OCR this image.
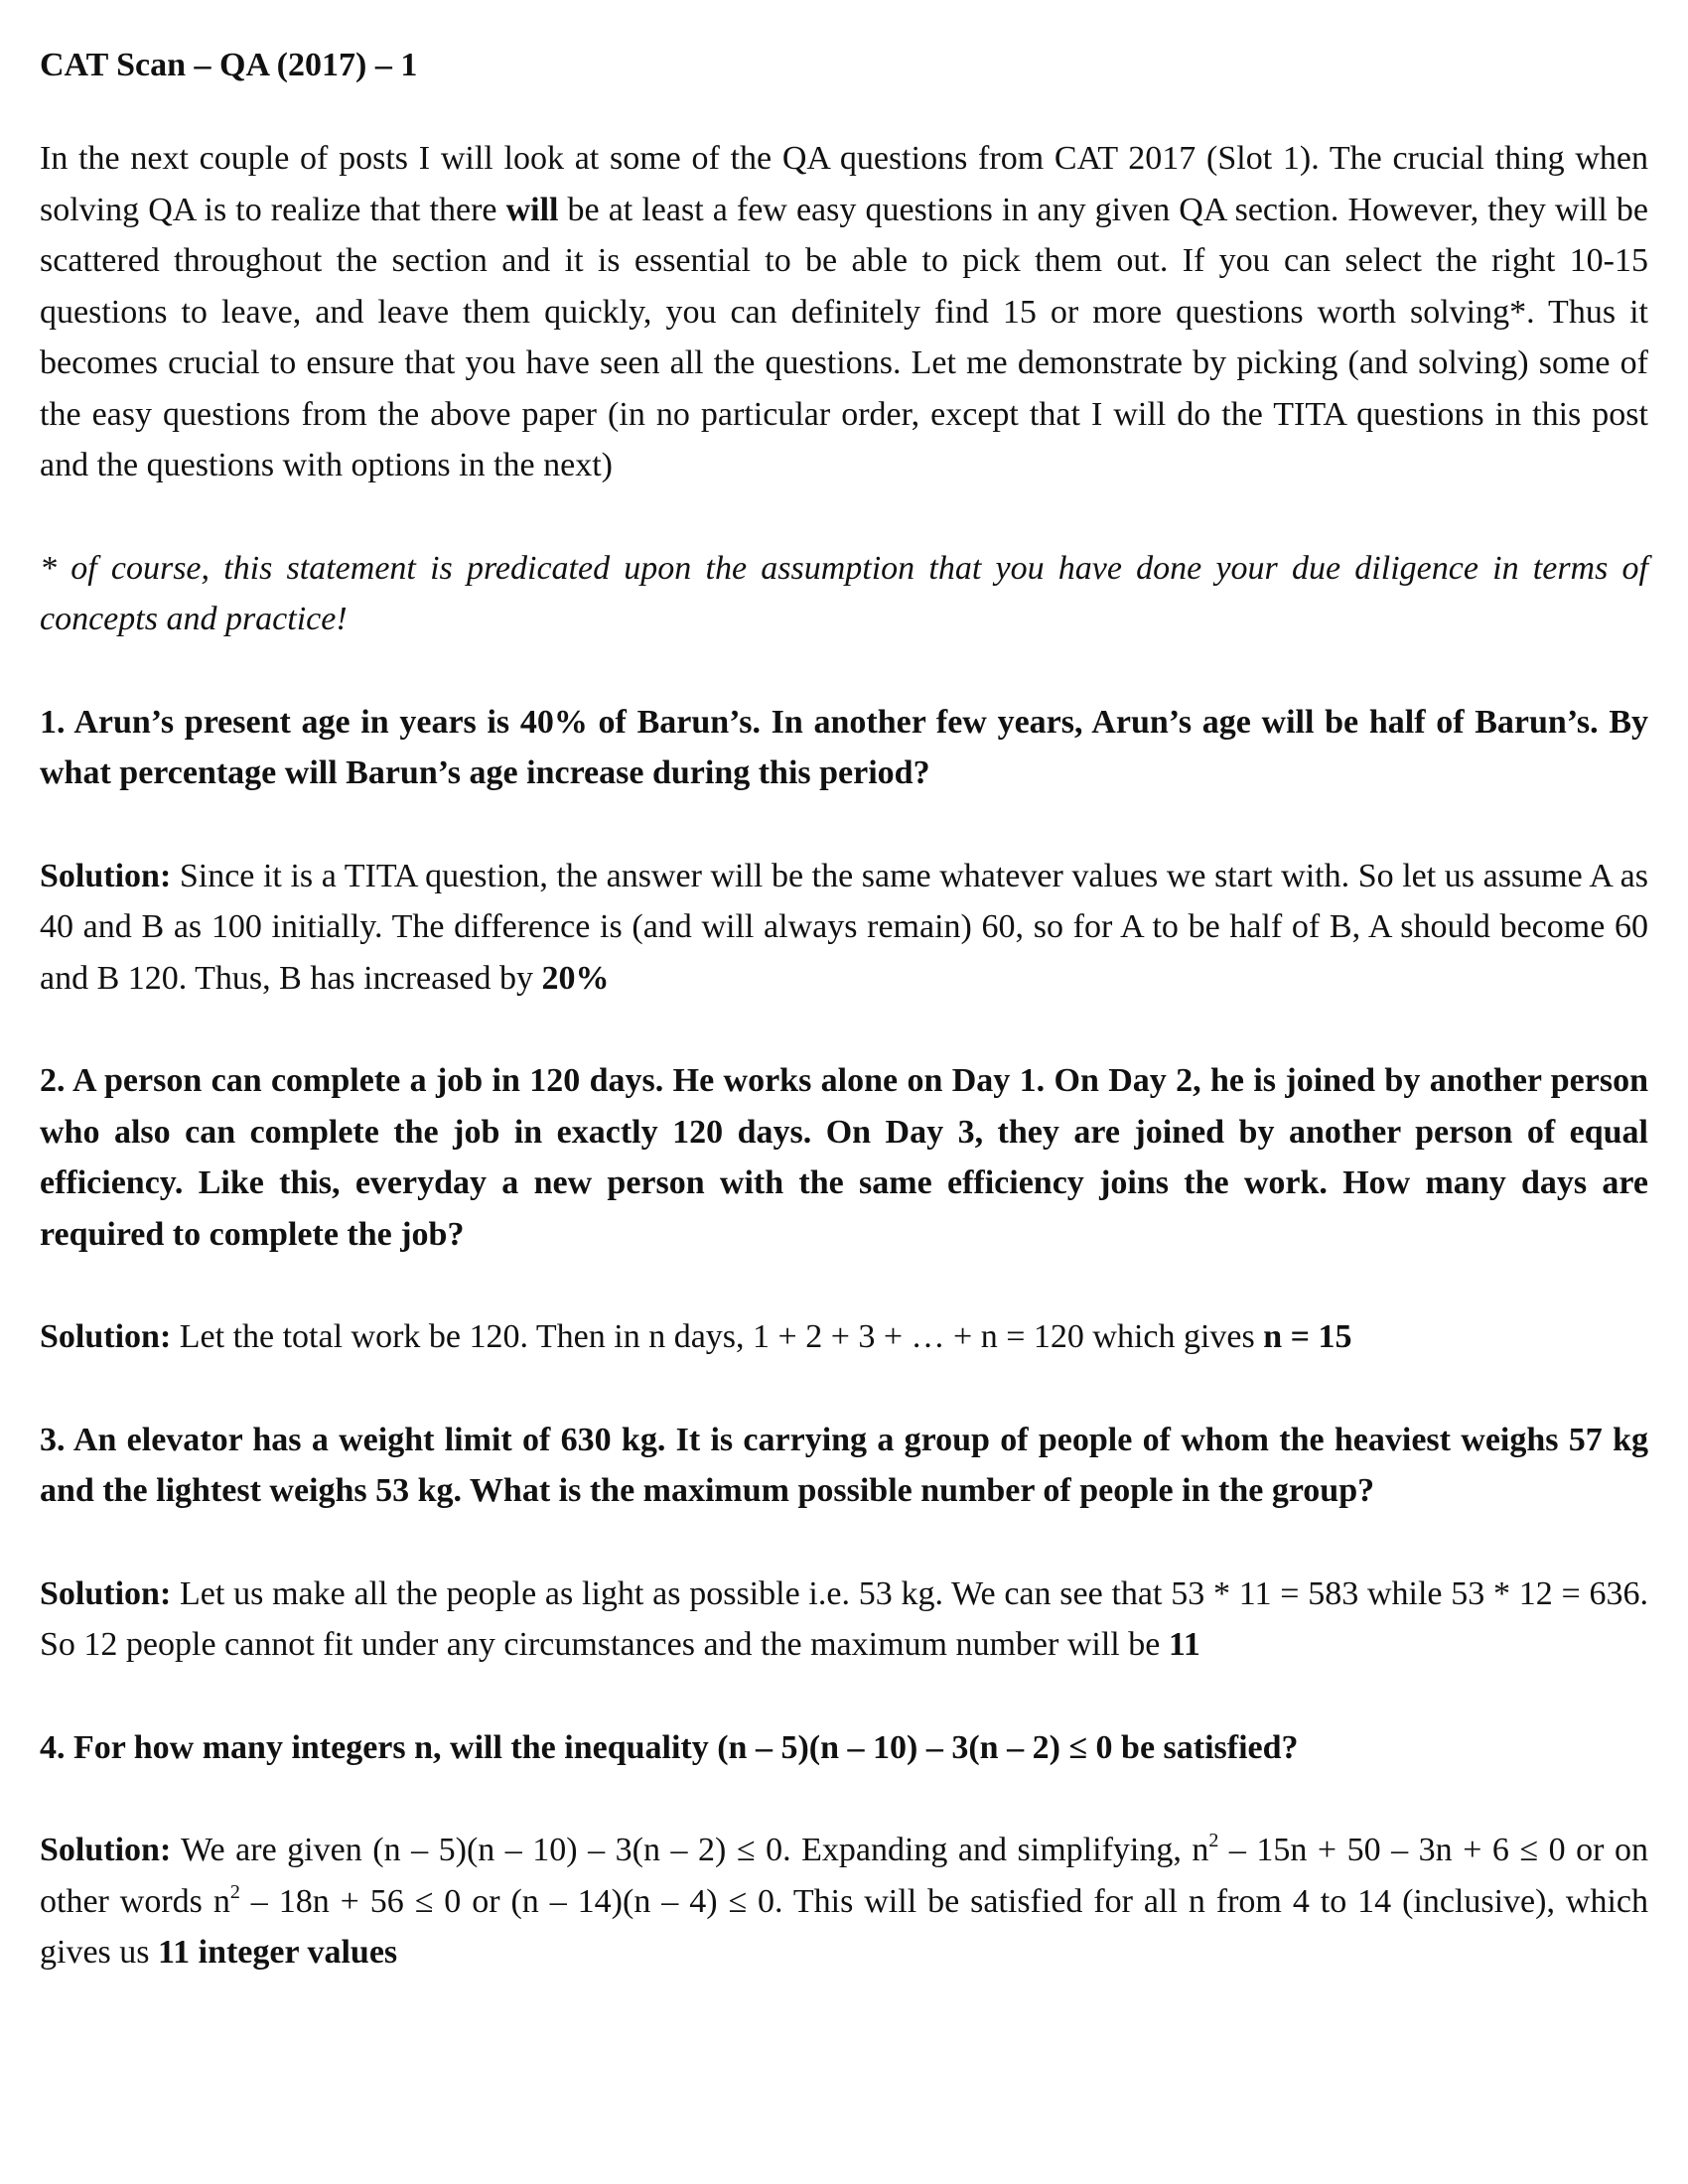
CAT Scan – QA (2017) – 1

In the next couple of posts I will look at some of the QA questions from CAT 2017 (Slot 1). The crucial thing when solving QA is to realize that there will be at least a few easy questions in any given QA section. However, they will be scattered throughout the section and it is essential to be able to pick them out. If you can select the right 10-15 questions to leave, and leave them quickly, you can definitely find 15 or more questions worth solving*. Thus it becomes crucial to ensure that you have seen all the questions. Let me demonstrate by picking (and solving) some of the easy questions from the above paper (in no particular order, except that I will do the TITA questions in this post and the questions with options in the next)

* of course, this statement is predicated upon the assumption that you have done your due diligence in terms of concepts and practice!

1. Arun’s present age in years is 40% of Barun’s. In another few years, Arun’s age will be half of Barun’s. By what percentage will Barun’s age increase during this period?

Solution: Since it is a TITA question, the answer will be the same whatever values we start with. So let us assume A as 40 and B as 100 initially. The difference is (and will always remain) 60, so for A to be half of B, A should become 60 and B 120. Thus, B has increased by 20%

2. A person can complete a job in 120 days. He works alone on Day 1. On Day 2, he is joined by another person who also can complete the job in exactly 120 days. On Day 3, they are joined by another person of equal efficiency. Like this, everyday a new person with the same efficiency joins the work. How many days are required to complete the job?

Solution: Let the total work be 120. Then in n days, 1 + 2 + 3 + … + n = 120 which gives n = 15

3. An elevator has a weight limit of 630 kg. It is carrying a group of people of whom the heaviest weighs 57 kg and the lightest weighs 53 kg. What is the maximum possible number of people in the group?

Solution: Let us make all the people as light as possible i.e. 53 kg. We can see that 53 * 11 = 583 while 53 * 12 = 636. So 12 people cannot fit under any circumstances and the maximum number will be 11

4. For how many integers n, will the inequality (n – 5)(n – 10) – 3(n – 2) ≤ 0 be satisfied?

Solution: We are given (n – 5)(n – 10) – 3(n – 2) ≤ 0. Expanding and simplifying, $n^2 - 15n + 50 - 3n + 6 \le 0$ or on other words $n^2 - 18n + 56 \le 0$ or (n – 14)(n – 4) ≤ 0. This will be satisfied for all n from 4 to 14 (inclusive), which gives us 11 integer values
